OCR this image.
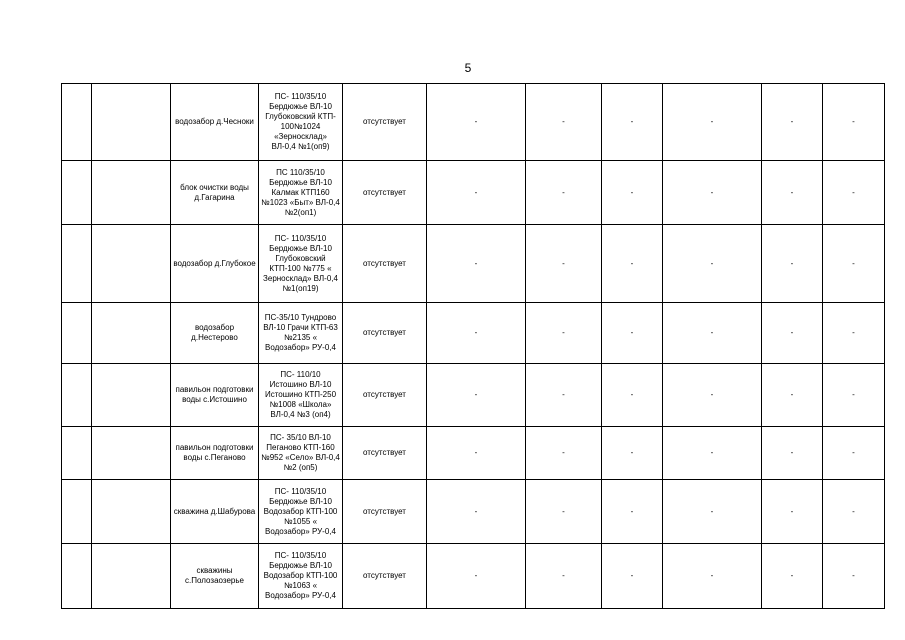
5
		водозабор д.Чесноки	ПС- 110/35/10 Бердюжье ВЛ-10 Глубоковский КТП- 100№1024 «Зерносклад» ВЛ-0,4 №1(оп9)	отсутствует	-	-	-	-	-	-
		блок очистки воды д.Гагарина	ПС 110/35/10 Бердюжье ВЛ-10 Калмак КТП160 №1023 «Быт» ВЛ-0,4 №2(оп1)	отсутствует	-	-	-	-	-	-
		водозабор д.Глубокое	ПС- 110/35/10 Бердюжье ВЛ-10 Глубоковский КТП-100 №775 « Зерносклад» ВЛ-0,4 №1(оп19)	отсутствует	-	-	-	-	-	-
		водозабор д.Нестерово	ПС-35/10 Тундрово ВЛ-10 Грачи КТП-63 №2135 « Водозабор» РУ-0,4	отсутствует	-	-	-	-	-	-
		павильон подготовки воды с.Истошино	ПС- 110/10 Истошино ВЛ-10 Истошино КТП-250 №1008 «Школа» ВЛ-0,4 №3 (оп4)	отсутствует	-	-	-	-	-	-
		павильон подготовки воды с.Пеганово	ПС- 35/10 ВЛ-10 Пеганово КТП-160 №952 «Село» ВЛ-0,4 №2 (оп5)	отсутствует	-	-	-	-	-	-
		скважина д.Шабурова	ПС- 110/35/10 Бердюжье ВЛ-10 Водозабор КТП-100 №1055 « Водозабор» РУ-0,4	отсутствует	-	-	-	-	-	-
		скважины с.Полозаозерье	ПС- 110/35/10 Бердюжье ВЛ-10 Водозабор КТП-100 №1063 « Водозабор» РУ-0,4	отсутствует	-	-	-	-	-	-
